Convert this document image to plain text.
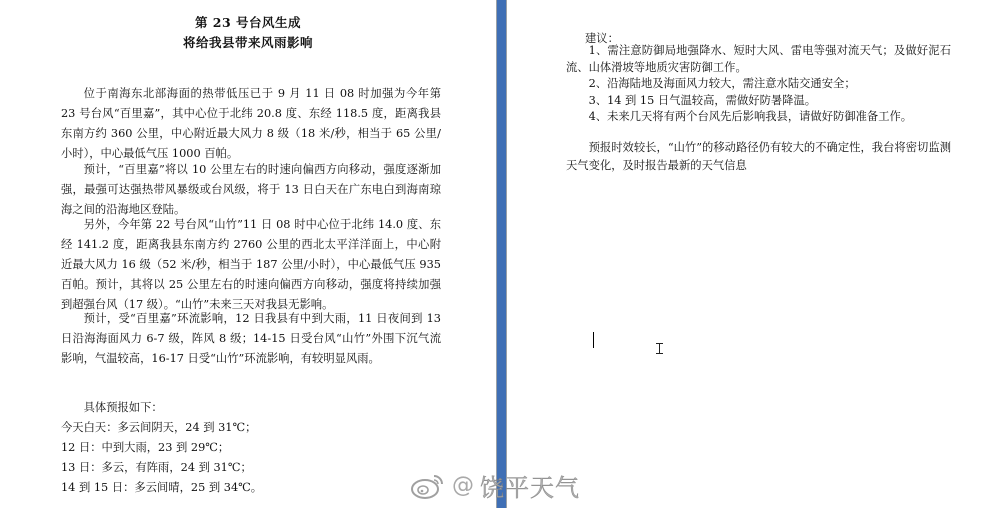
第 23 号台风生成
将给我县带来风雨影响

位于南海东北部海面的热带低压已于 9 月 11 日 08 时加强为今年第 23 号台风“百里嘉”，其中心位于北纬 20.8 度、东经 118.5 度，距离我县东南方约 360 公里，中心附近最大风力 8 级（18 米/秒，相当于 65 公里/小时），中心最低气压 1000 百帕。

预计，“百里嘉”将以 10 公里左右的时速向偏西方向移动，强度逐渐加强，最强可达强热带风暴级或台风级，将于 13 日白天在广东电白到海南琼海之间的沿海地区登陆。

另外，今年第 22 号台风“山竹”11 日 08 时中心位于北纬 14.0 度、东经 141.2 度，距离我县东南方约 2760 公里的西北太平洋洋面上，中心附近最大风力 16 级（52 米/秒，相当于 187 公里/小时），中心最低气压 935 百帕。预计，其将以 25 公里左右的时速向偏西方向移动，强度将持续加强到超强台风（17 级）。“山竹”未来三天对我县无影响。

预计，受“百里嘉”环流影响，12 日我县有中到大雨，11 日夜间到 13 日沿海海面风力 6-7 级，阵风 8 级；14-15 日受台风“山竹”外围下沉气流影响，气温较高，16-17 日受“山竹”环流影响，有较明显风雨。

具体预报如下：

今天白天：多云间阴天，24 到 31℃；
12 日：中到大雨，23 到 29℃；
13 日：多云，有阵雨，24 到 31℃；
14 到 15 日：多云间晴，25 到 34℃。
建议：
1、需注意防御局地强降水、短时大风、雷电等强对流天气；及做好泥石流、山体滑坡等地质灾害防御工作。
2、沿海陆地及海面风力较大，需注意水陆交通安全；
3、14 到 15 日气温较高，需做好防暑降温。
4、未来几天将有两个台风先后影响我县，请做好防御准备工作。

预报时效较长，“山竹”的移动路径仍有较大的不确定性，我台将密切监测天气变化，及时报告最新的天气信息

@ 饶平天气
